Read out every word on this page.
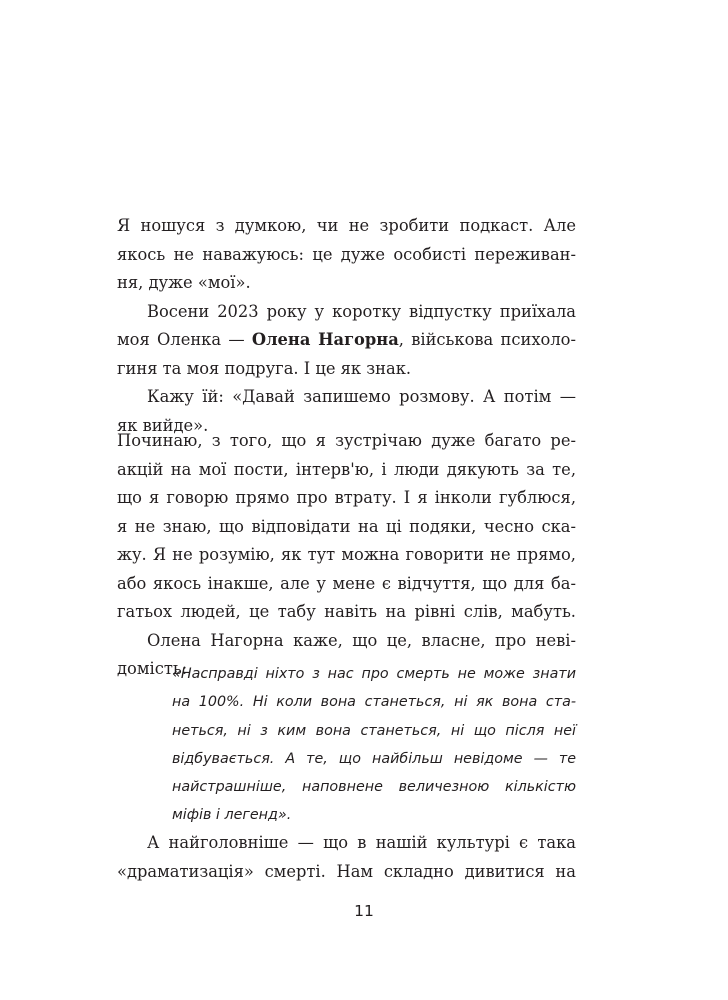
Я ношуся з думкою, чи не зробити подкаст. Але
якось не наважуюсь: це дуже особисті переживан-
ня, дуже «мої».
Восени 2023 року у коротку відпустку приїхала
моя Оленка — Олена Нагорна, військова психоло-
гиня та моя подруга. І це як знак.
Кажу їй: «Давай запишемо розмову. А потім —
як вийде».
Починаю, з того, що я зустрічаю дуже багато ре-
акцій на мої пости, інтерв'ю, і люди дякують за те,
що я говорю прямо про втрату. І я інколи гублюся,
я не знаю, що відповідати на ці подяки, чесно ска-
жу. Я не розумію, як тут можна говорити не прямо,
або якось інакше, але у мене є відчуття, що для ба-
гатьох людей, це табу навіть на рівні слів, мабуть.
Олена Нагорна каже, що це, власне, про неві-
домість:
«Насправді ніхто з нас про смерть не може знати
на 100%. Ні коли вона станеться, ні як вона ста-
неться, ні з ким вона станеться, ні що після неї
відбувається. А те, що найбільш невідоме — те
найстрашніше, наповнене величезною кількістю
міфів і легенд».
А найголовніше — що в нашій культурі є така
«драматизація» смерті. Нам складно дивитися на
11
